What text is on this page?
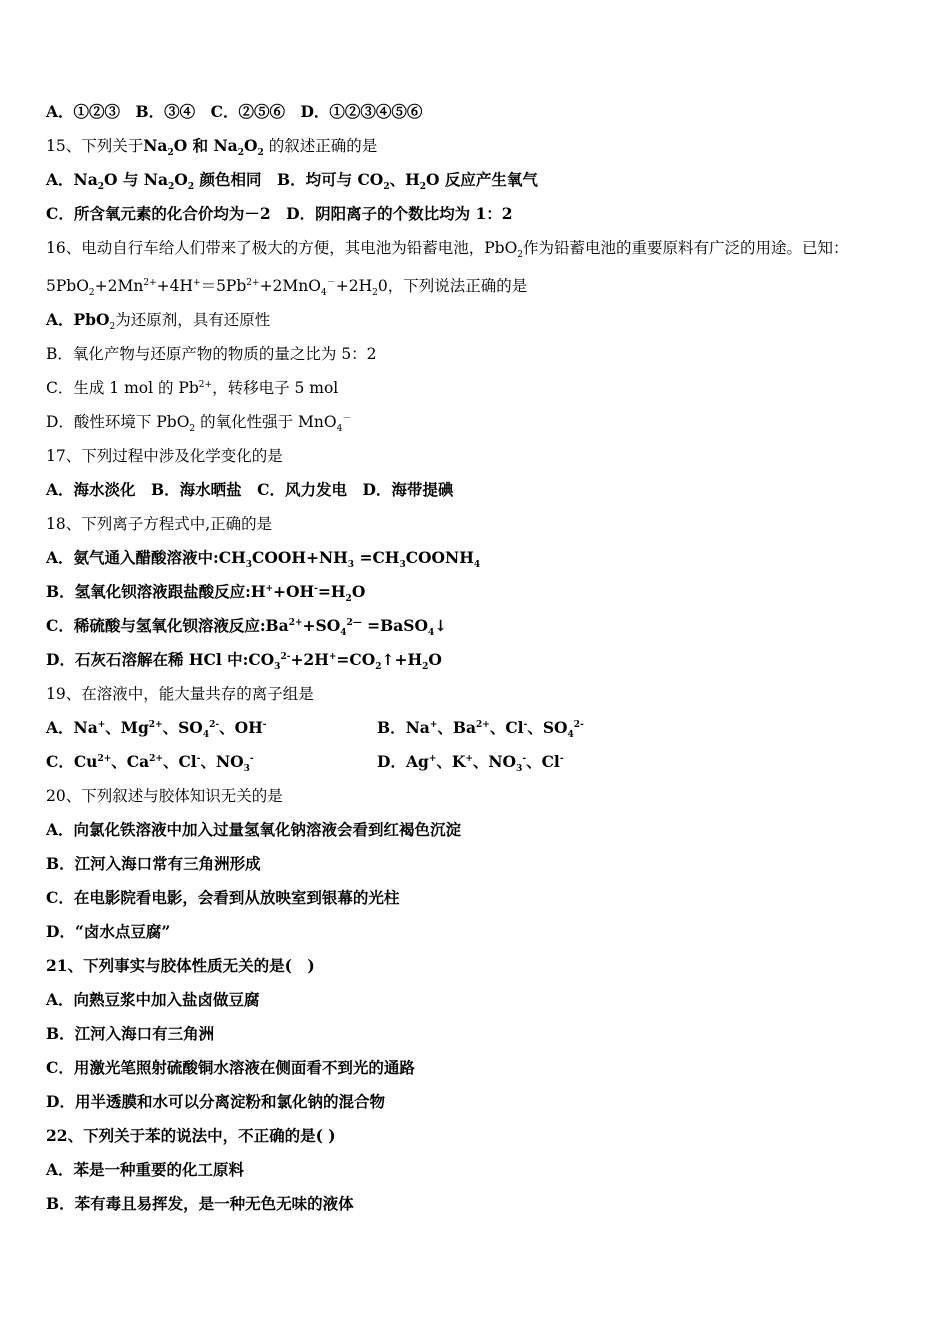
A．①②③　B．③④　C．②⑤⑥　D．①②③④⑤⑥
15、下列关于$Na_2O$ 和 $Na_2O_2$ 的叙述正确的是
A．$Na_2O$ 与 $Na_2O_2$ 颜色相同　B．均可与 $CO_2$、$H_2O$ 反应产生氧气
C．所含氧元素的化合价均为－2　D．阴阳离子的个数比均为 1：2
16、电动自行车给人们带来了极大的方便，其电池为铅蓄电池，PbO$_2$作为铅蓄电池的重要原料有广泛的用途。已知：
$5PbO_2+2Mn^{2+}+4H^+=5Pb^{2+}+2MnO_4^-+2H_20$，下列说法正确的是
A．PbO$_2$为还原剂，具有还原性
B．氧化产物与还原产物的物质的量之比为 5：2
C．生成 1 mol 的 $Pb^{2+}$，转移电子 5 mol
D．酸性环境下 PbO$_2$ 的氧化性强于 MnO$_4$－
17、下列过程中涉及化学变化的是
A．海水淡化　B．海水晒盐　C．风力发电　D．海带提碘
18、下列离子方程式中,正确的是
A．氨气通入醋酸溶液中$:CH_3COOH+NH_3$ $=CH_3COONH_4$
B．氢氧化钡溶液跟盐酸反应$:H^++OH^-=H_2O$
C．稀硫酸与氢氧化钡溶液反应$:Ba^{2+}+SO_4^{2—}$ =BaSO$_4$↓
D．石灰石溶解在稀 HCl 中$:CO_3^{2-}+2H^+=CO_2↑+H_2O$
19、在溶液中，能大量共存的离子组是
A．Na+、$Mg^{2+}$、$SO_4^{2-}$、OH-	B．Na+、$Ba^{2+}$、Cl-、$SO_4^{2-}$
C．$Cu^{2+}$、$Ca^{2+}$、Cl-、$NO_3^-$	D．Ag+、K+、$NO_3^-$、Cl-
20、下列叙述与胶体知识无关的是
A．向氯化铁溶液中加入过量氢氧化钠溶液会看到红褐色沉淀
B．江河入海口常有三角洲形成
C．在电影院看电影，会看到从放映室到银幕的光柱
D．“卤水点豆腐”
21、下列事实与胶体性质无关的是(　)
A．向熟豆浆中加入盐卤做豆腐
B．江河入海口有三角洲
C．用激光笔照射硫酸铜水溶液在侧面看不到光的通路
D．用半透膜和水可以分离淀粉和氯化钠的混合物
22、下列关于苯的说法中，不正确的是( )
A．苯是一种重要的化工原料
B．苯有毒且易挥发，是一种无色无味的液体
